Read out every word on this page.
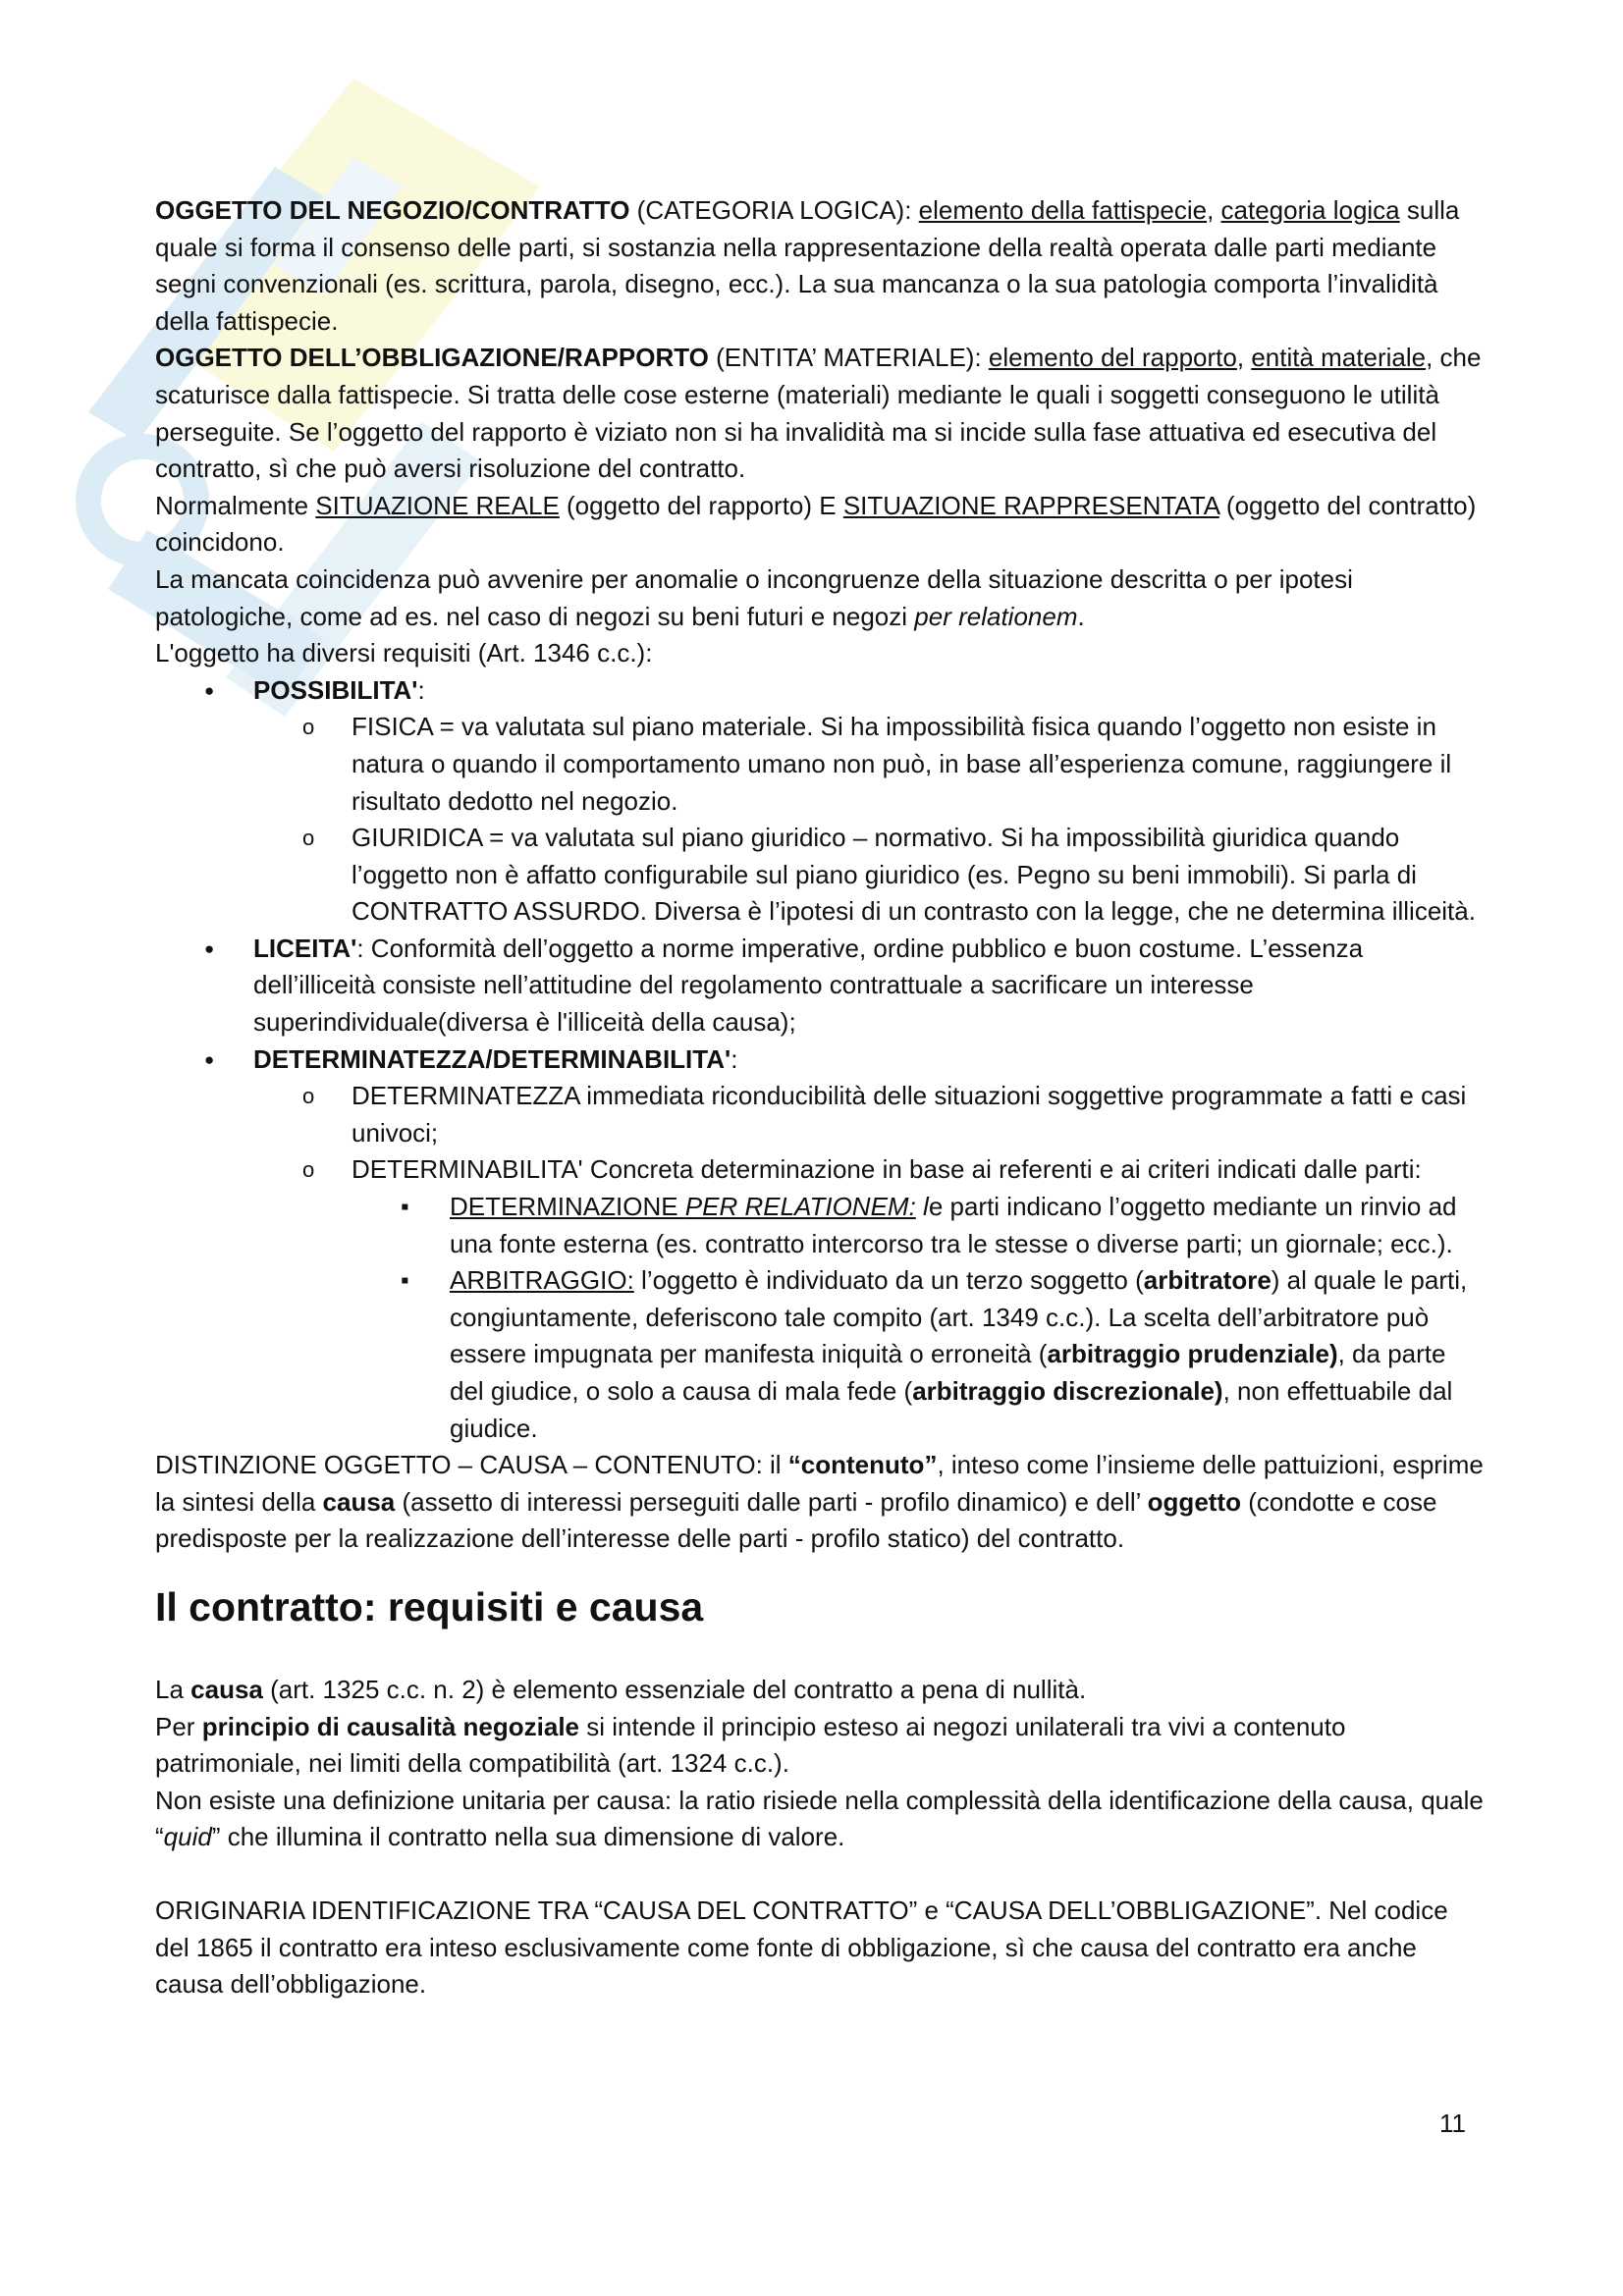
OGGETTO DEL NEGOZIO/CONTRATTO (CATEGORIA LOGICA): elemento della fattispecie, categoria logica sulla quale si forma il consenso delle parti, si sostanzia nella rappresentazione della realtà operata dalle parti mediante segni convenzionali (es. scrittura, parola, disegno, ecc.). La sua mancanza o la sua patologia comporta l’invalidità della fattispecie.

OGGETTO DELL’OBBLIGAZIONE/RAPPORTO (ENTITA’ MATERIALE): elemento del rapporto, entità materiale, che scaturisce dalla fattispecie. Si tratta delle cose esterne (materiali) mediante le quali i soggetti conseguono le utilità perseguite. Se l’oggetto del rapporto è viziato non si ha invalidità ma si incide sulla fase attuativa ed esecutiva del contratto, sì che può aversi risoluzione del contratto.

Normalmente SITUAZIONE REALE (oggetto del rapporto) E SITUAZIONE RAPPRESENTATA (oggetto del contratto) coincidono.

La mancata coincidenza può avvenire per anomalie o incongruenze della situazione descritta o per ipotesi patologiche, come ad es. nel caso di negozi su beni futuri e negozi per relationem.

L'oggetto ha diversi requisiti (Art. 1346 c.c.):

● POSSIBILITA':
o FISICA = va valutata sul piano materiale. Si ha impossibilità fisica quando l’oggetto non esiste in natura o quando il comportamento umano non può, in base all’esperienza comune, raggiungere il risultato dedotto nel negozio.
o GIURIDICA = va valutata sul piano giuridico – normativo. Si ha impossibilità giuridica quando l’oggetto non è affatto configurabile sul piano giuridico (es. Pegno su beni immobili). Si parla di CONTRATTO ASSURDO. Diversa è l’ipotesi di un contrasto con la legge, che ne determina illiceità.
● LICEITA': Conformità dell’oggetto a norme imperative, ordine pubblico e buon costume. L’essenza dell’illiceità consiste nell’attitudine del regolamento contrattuale a sacrificare un interesse superindividuale(diversa è l'illiceità della causa);
● DETERMINATEZZA/DETERMINABILITA':
o DETERMINATEZZA immediata riconducibilità delle situazioni soggettive programmate a fatti e casi univoci;
o DETERMINABILITA' Concreta determinazione in base ai referenti e ai criteri indicati dalle parti:
▪ DETERMINAZIONE PER RELATIONEM: le parti indicano l’oggetto mediante un rinvio ad una fonte esterna (es. contratto intercorso tra le stesse o diverse parti; un giornale; ecc.).
▪ ARBITRAGGIO: l’oggetto è individuato da un terzo soggetto (arbitratore) al quale le parti, congiuntamente, deferiscono tale compito (art. 1349 c.c.). La scelta dell’arbitratore può essere impugnata per manifesta iniquità o erroneità (arbitraggio prudenziale), da parte del giudice, o solo a causa di mala fede (arbitraggio discrezionale), non effettuabile dal giudice.

DISTINZIONE OGGETTO – CAUSA – CONTENUTO: il “contenuto”, inteso come l’insieme delle pattuizioni, esprime la sintesi della causa (assetto di interessi perseguiti dalle parti - profilo dinamico) e dell’ oggetto (condotte e cose predisposte per la realizzazione dell’interesse delle parti - profilo statico) del contratto.

Il contratto: requisiti e causa

La causa (art. 1325 c.c. n. 2) è elemento essenziale del contratto a pena di nullità.

Per principio di causalità negoziale si intende il principio esteso ai negozi unilaterali tra vivi a contenuto patrimoniale, nei limiti della compatibilità (art. 1324 c.c.).

Non esiste una definizione unitaria per causa: la ratio risiede nella complessità della identificazione della causa, quale “quid” che illumina il contratto nella sua dimensione di valore.

ORIGINARIA IDENTIFICAZIONE TRA “CAUSA DEL CONTRATTO” e “CAUSA DELL’OBBLIGAZIONE”. Nel codice del 1865 il contratto era inteso esclusivamente come fonte di obbligazione, sì che causa del contratto era anche causa dell’obbligazione.

11
